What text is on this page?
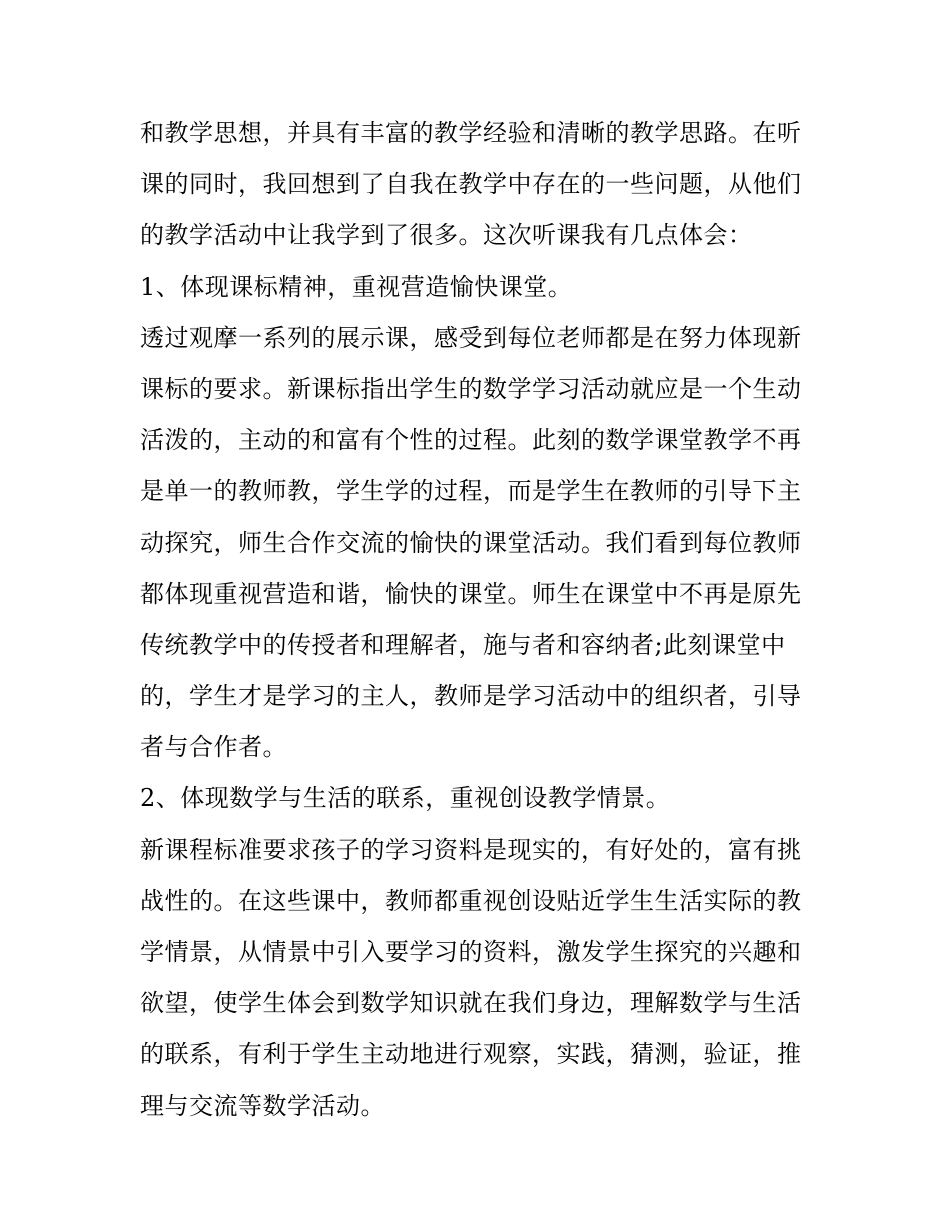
和教学思想，并具有丰富的教学经验和清晰的教学思路。在听
课的同时，我回想到了自我在教学中存在的一些问题，从他们
的教学活动中让我学到了很多。这次听课我有几点体会：
1、体现课标精神，重视营造愉快课堂。
透过观摩一系列的展示课，感受到每位老师都是在努力体现新
课标的要求。新课标指出学生的数学学习活动就应是一个生动
活泼的，主动的和富有个性的过程。此刻的数学课堂教学不再
是单一的教师教，学生学的过程，而是学生在教师的引导下主
动探究，师生合作交流的愉快的课堂活动。我们看到每位教师
都体现重视营造和谐，愉快的课堂。师生在课堂中不再是原先
传统教学中的传授者和理解者，施与者和容纳者;此刻课堂中
的，学生才是学习的主人，教师是学习活动中的组织者，引导
者与合作者。
2、体现数学与生活的联系，重视创设教学情景。
新课程标准要求孩子的学习资料是现实的，有好处的，富有挑
战性的。在这些课中，教师都重视创设贴近学生生活实际的教
学情景，从情景中引入要学习的资料，激发学生探究的兴趣和
欲望，使学生体会到数学知识就在我们身边，理解数学与生活
的联系，有利于学生主动地进行观察，实践，猜测，验证，推
理与交流等数学活动。
